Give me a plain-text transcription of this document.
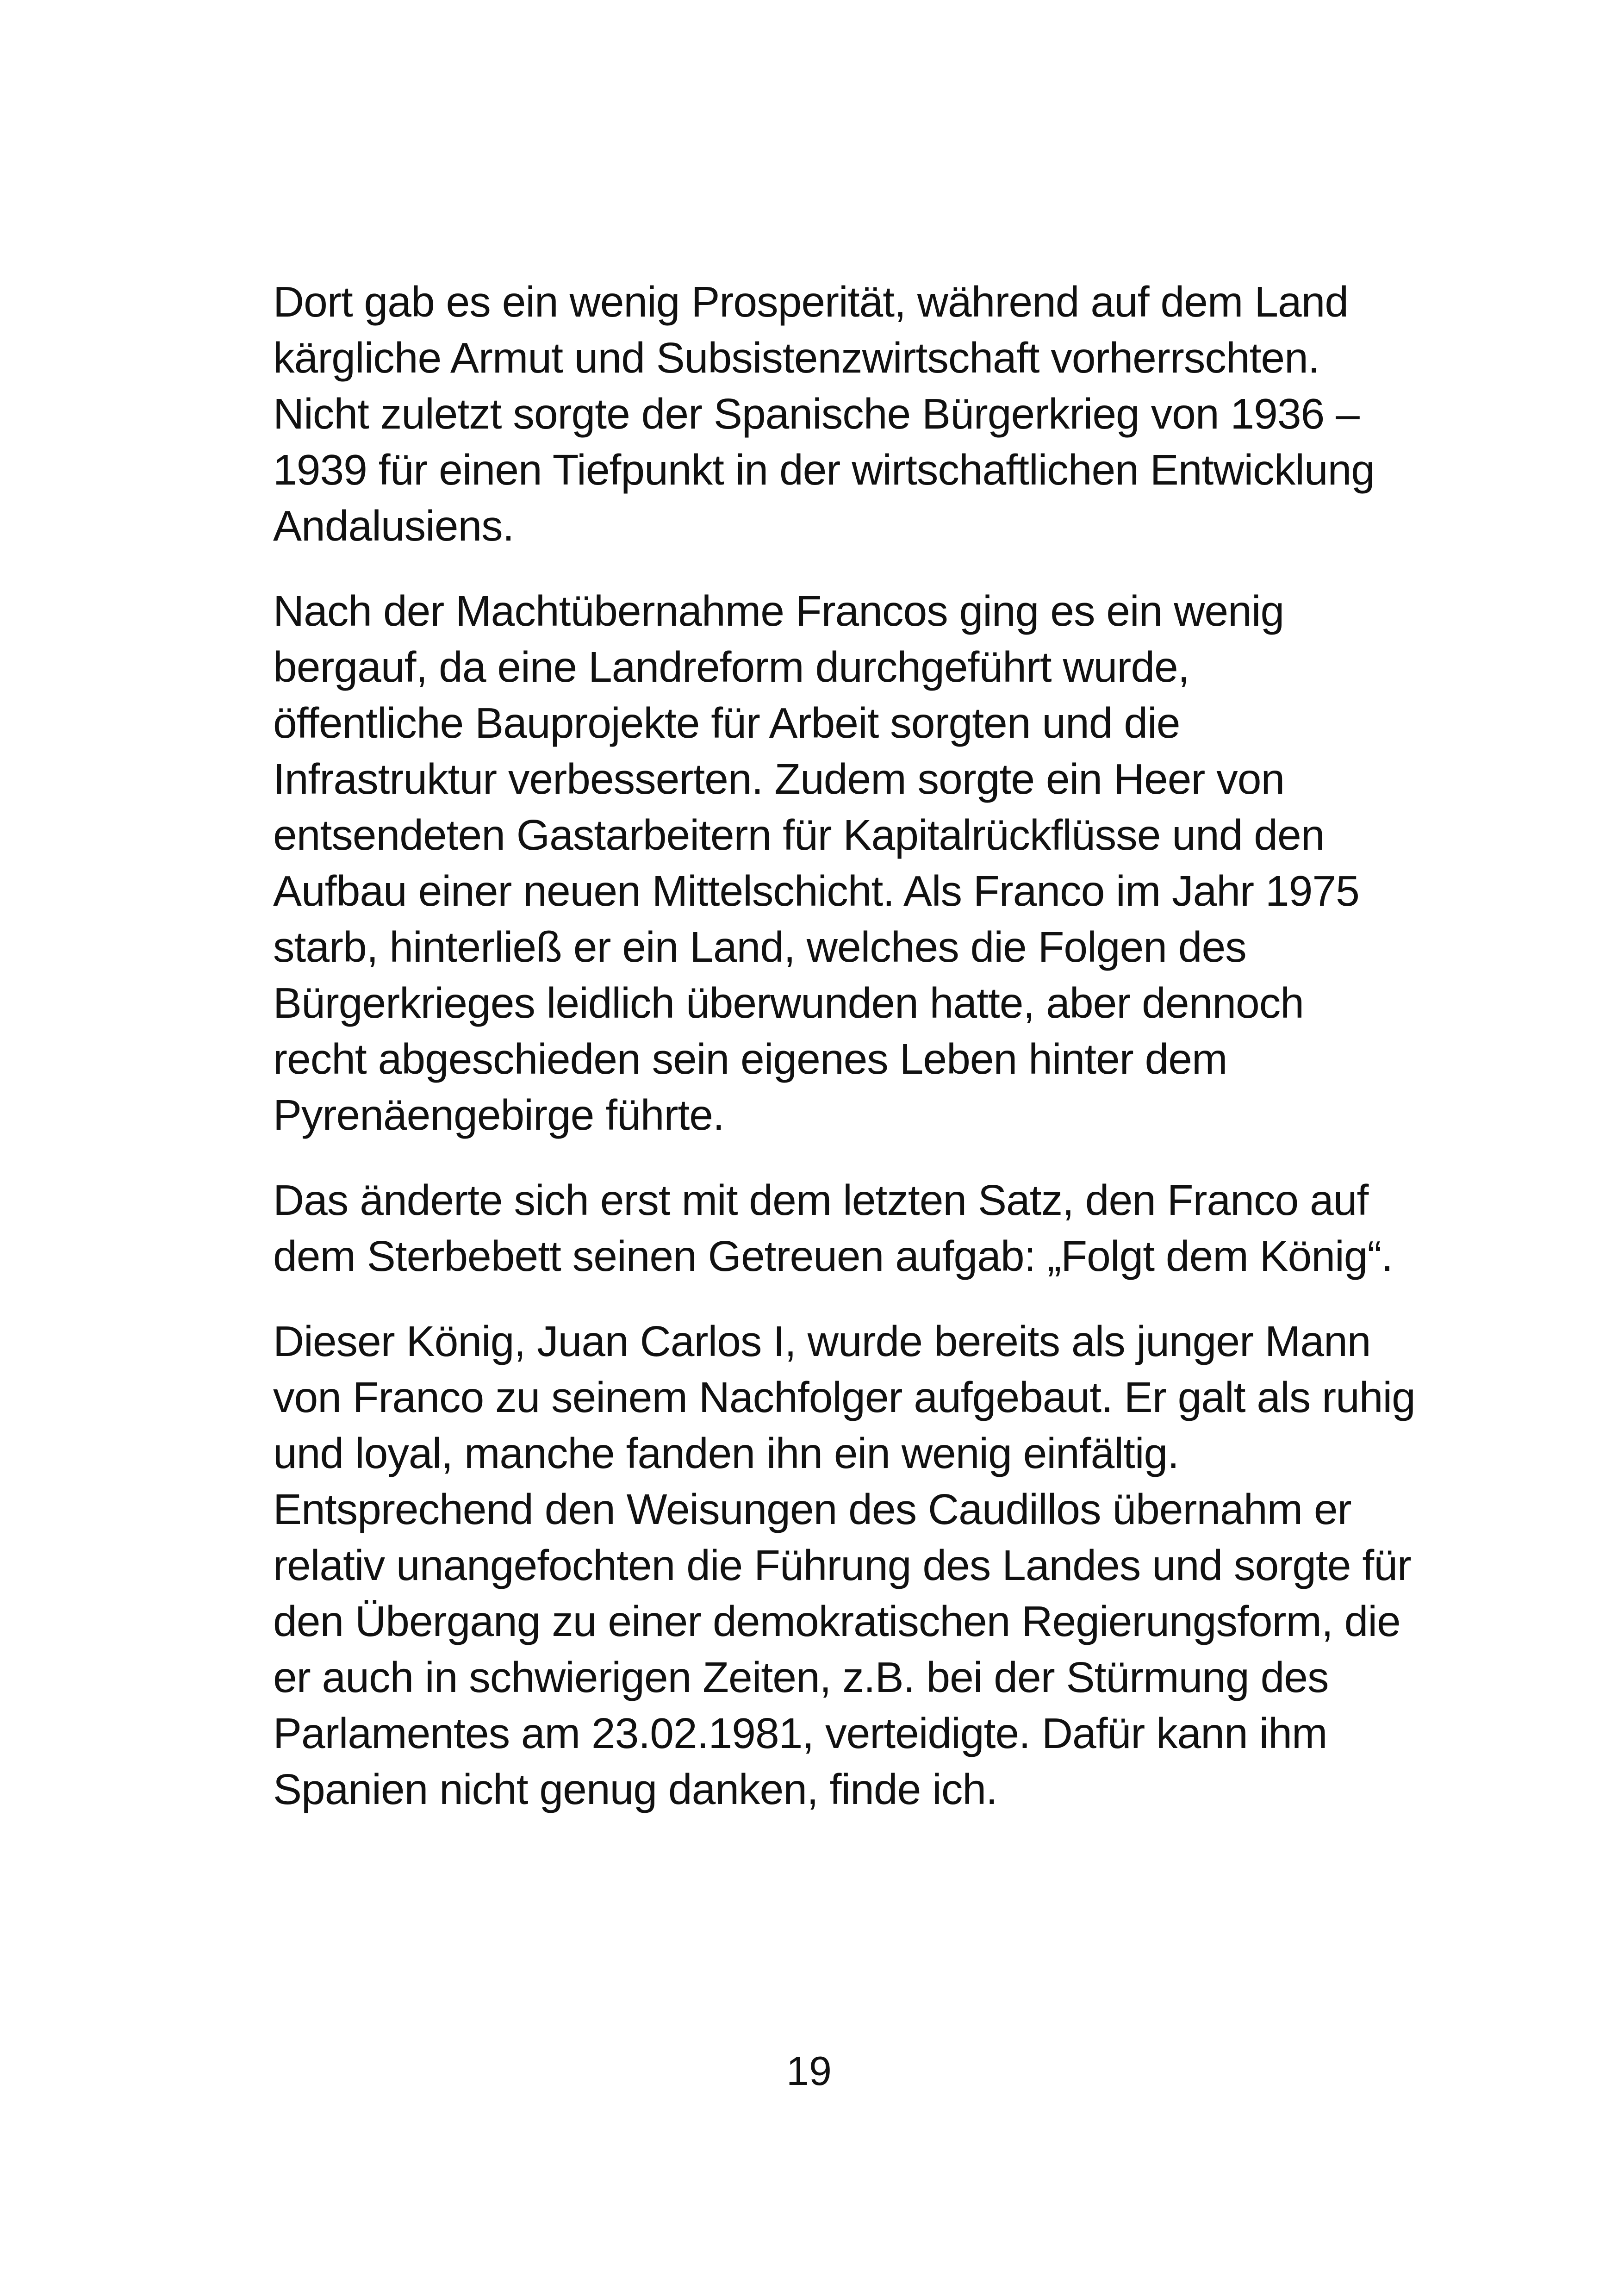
Dort gab es ein wenig Prosperität, während auf dem Land
kärgliche Armut und Subsistenzwirtschaft vorherrschten.
Nicht zuletzt sorgte der Spanische Bürgerkrieg von 1936 –
1939 für einen Tiefpunkt in der wirtschaftlichen Entwicklung
Andalusiens.

Nach der Machtübernahme Francos ging es ein wenig
bergauf, da eine Landreform durchgeführt wurde,
öffentliche Bauprojekte für Arbeit sorgten und die
Infrastruktur verbesserten. Zudem sorgte ein Heer von
entsendeten Gastarbeitern für Kapitalrückflüsse und den
Aufbau einer neuen Mittelschicht. Als Franco im Jahr 1975
starb, hinterließ er ein Land, welches die Folgen des
Bürgerkrieges leidlich überwunden hatte, aber dennoch
recht abgeschieden sein eigenes Leben hinter dem
Pyrenäengebirge führte.

Das änderte sich erst mit dem letzten Satz, den Franco auf
dem Sterbebett seinen Getreuen aufgab: „Folgt dem König“.

Dieser König, Juan Carlos I, wurde bereits als junger Mann
von Franco zu seinem Nachfolger aufgebaut. Er galt als ruhig
und loyal, manche fanden ihn ein wenig einfältig.
Entsprechend den Weisungen des Caudillos übernahm er
relativ unangefochten die Führung des Landes und sorgte für
den Übergang zu einer demokratischen Regierungsform, die
er auch in schwierigen Zeiten, z.B. bei der Stürmung des
Parlamentes am 23.02.1981, verteidigte. Dafür kann ihm
Spanien nicht genug danken, finde ich.

19
